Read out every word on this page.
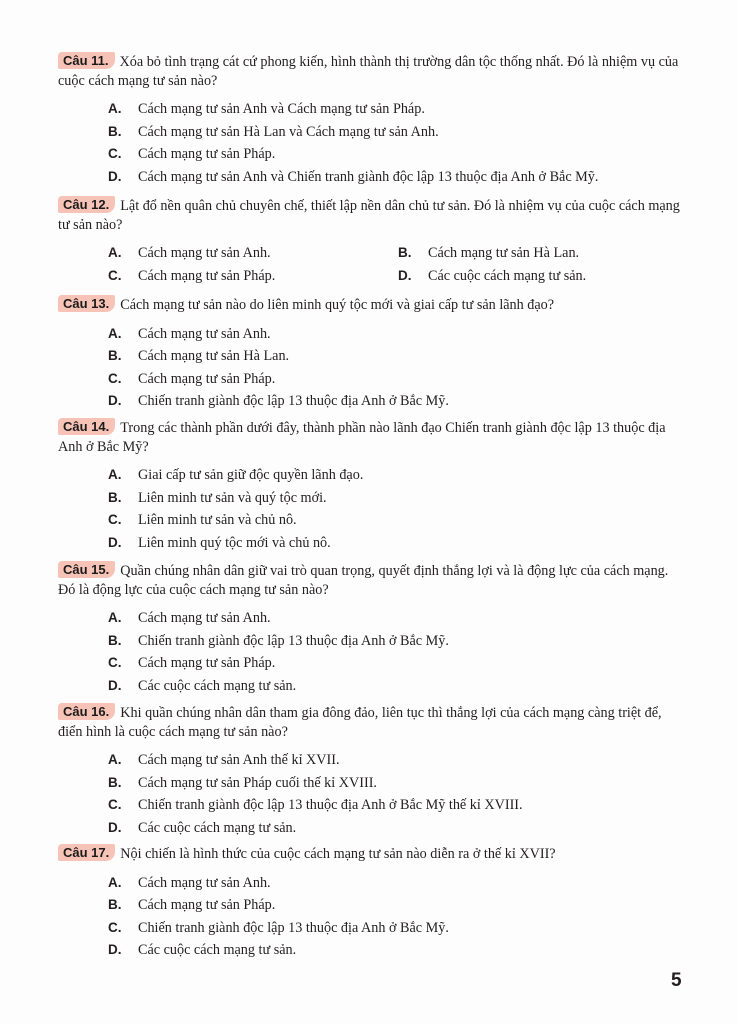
Câu 11. Xóa bỏ tình trạng cát cứ phong kiến, hình thành thị trường dân tộc thống nhất. Đó là nhiệm vụ của cuộc cách mạng tư sản nào?
A. Cách mạng tư sản Anh và Cách mạng tư sản Pháp.
B. Cách mạng tư sản Hà Lan và Cách mạng tư sản Anh.
C. Cách mạng tư sản Pháp.
D. Cách mạng tư sản Anh và Chiến tranh giành độc lập 13 thuộc địa Anh ở Bắc Mỹ.
Câu 12. Lật đổ nền quân chủ chuyên chế, thiết lập nền dân chủ tư sản. Đó là nhiệm vụ của cuộc cách mạng tư sản nào?
A. Cách mạng tư sản Anh.	B. Cách mạng tư sản Hà Lan.
C. Cách mạng tư sản Pháp.	D. Các cuộc cách mạng tư sản.
Câu 13. Cách mạng tư sản nào do liên minh quý tộc mới và giai cấp tư sản lãnh đạo?
A. Cách mạng tư sản Anh.
B. Cách mạng tư sản Hà Lan.
C. Cách mạng tư sản Pháp.
D. Chiến tranh giành độc lập 13 thuộc địa Anh ở Bắc Mỹ.
Câu 14. Trong các thành phần dưới đây, thành phần nào lãnh đạo Chiến tranh giành độc lập 13 thuộc địa Anh ở Bắc Mỹ?
A. Giai cấp tư sản giữ độc quyền lãnh đạo.
B. Liên minh tư sản và quý tộc mới.
C. Liên minh tư sản và chủ nô.
D. Liên minh quý tộc mới và chủ nô.
Câu 15. Quần chúng nhân dân giữ vai trò quan trọng, quyết định thắng lợi và là động lực của cách mạng. Đó là động lực của cuộc cách mạng tư sản nào?
A. Cách mạng tư sản Anh.
B. Chiến tranh giành độc lập 13 thuộc địa Anh ở Bắc Mỹ.
C. Cách mạng tư sản Pháp.
D. Các cuộc cách mạng tư sản.
Câu 16. Khi quần chúng nhân dân tham gia đông đảo, liên tục thì thắng lợi của cách mạng càng triệt để, điển hình là cuộc cách mạng tư sản nào?
A. Cách mạng tư sản Anh thế kỉ XVII.
B. Cách mạng tư sản Pháp cuối thế kỉ XVIII.
C. Chiến tranh giành độc lập 13 thuộc địa Anh ở Bắc Mỹ thế kỉ XVIII.
D. Các cuộc cách mạng tư sản.
Câu 17. Nội chiến là hình thức của cuộc cách mạng tư sản nào diễn ra ở thế kỉ XVII?
A. Cách mạng tư sản Anh.
B. Cách mạng tư sản Pháp.
C. Chiến tranh giành độc lập 13 thuộc địa Anh ở Bắc Mỹ.
D. Các cuộc cách mạng tư sản.
5
